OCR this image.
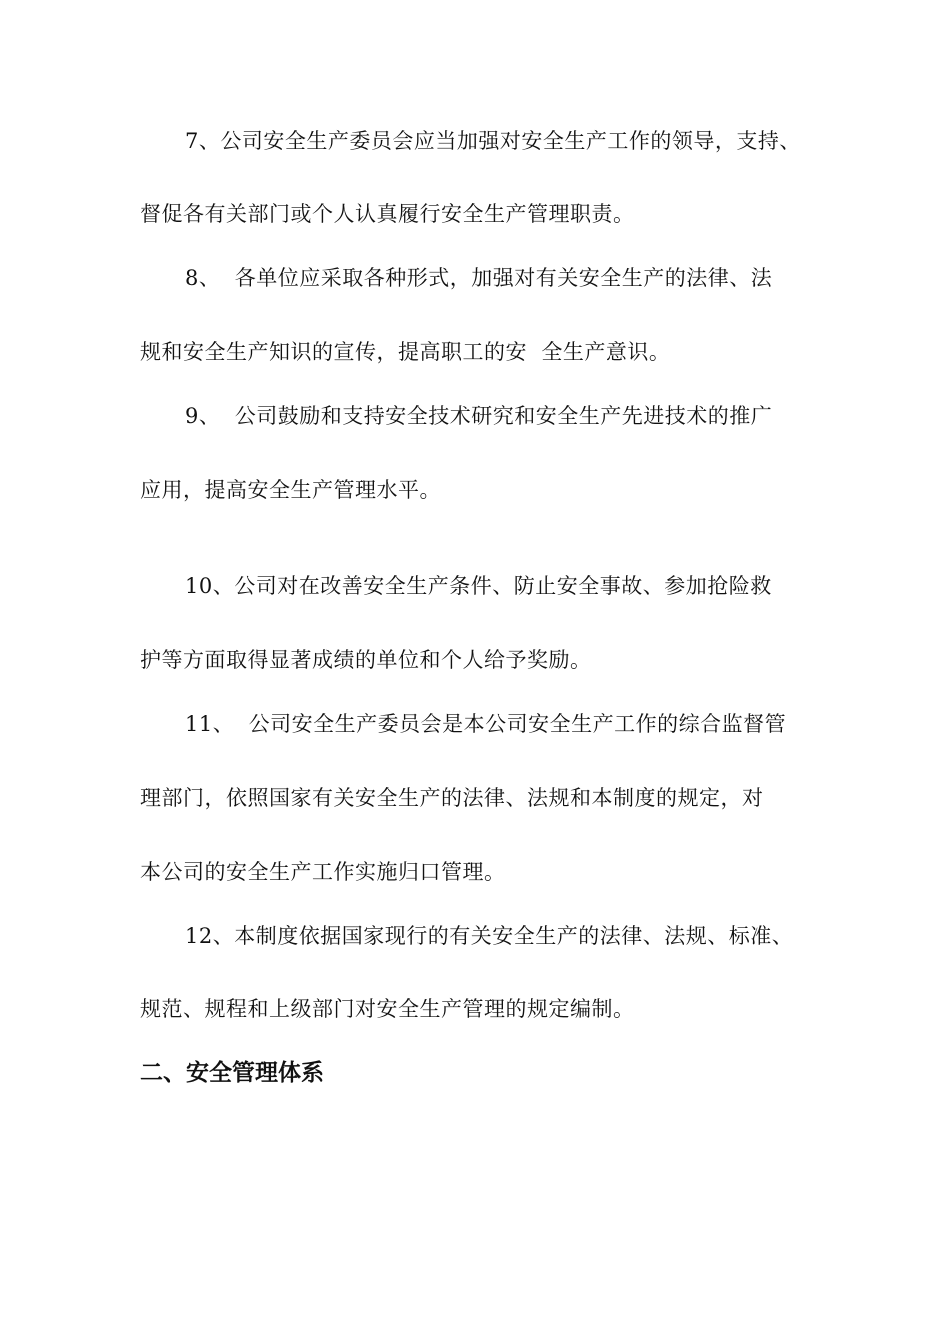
7、公司安全生产委员会应当加强对安全生产工作的领导，支持、
督促各有关部门或个人认真履行安全生产管理职责。
8、  各单位应采取各种形式，加强对有关安全生产的法律、法
规和安全生产知识的宣传，提高职工的安  全生产意识。
9、  公司鼓励和支持安全技术研究和安全生产先进技术的推广
应用，提高安全生产管理水平。
10、公司对在改善安全生产条件、防止安全事故、参加抢险救
护等方面取得显著成绩的单位和个人给予奖励。
11、  公司安全生产委员会是本公司安全生产工作的综合监督管
理部门，依照国家有关安全生产的法律、法规和本制度的规定，对
本公司的安全生产工作实施归口管理。
12、本制度依据国家现行的有关安全生产的法律、法规、标准、
规范、规程和上级部门对安全生产管理的规定编制。
二、安全管理体系
